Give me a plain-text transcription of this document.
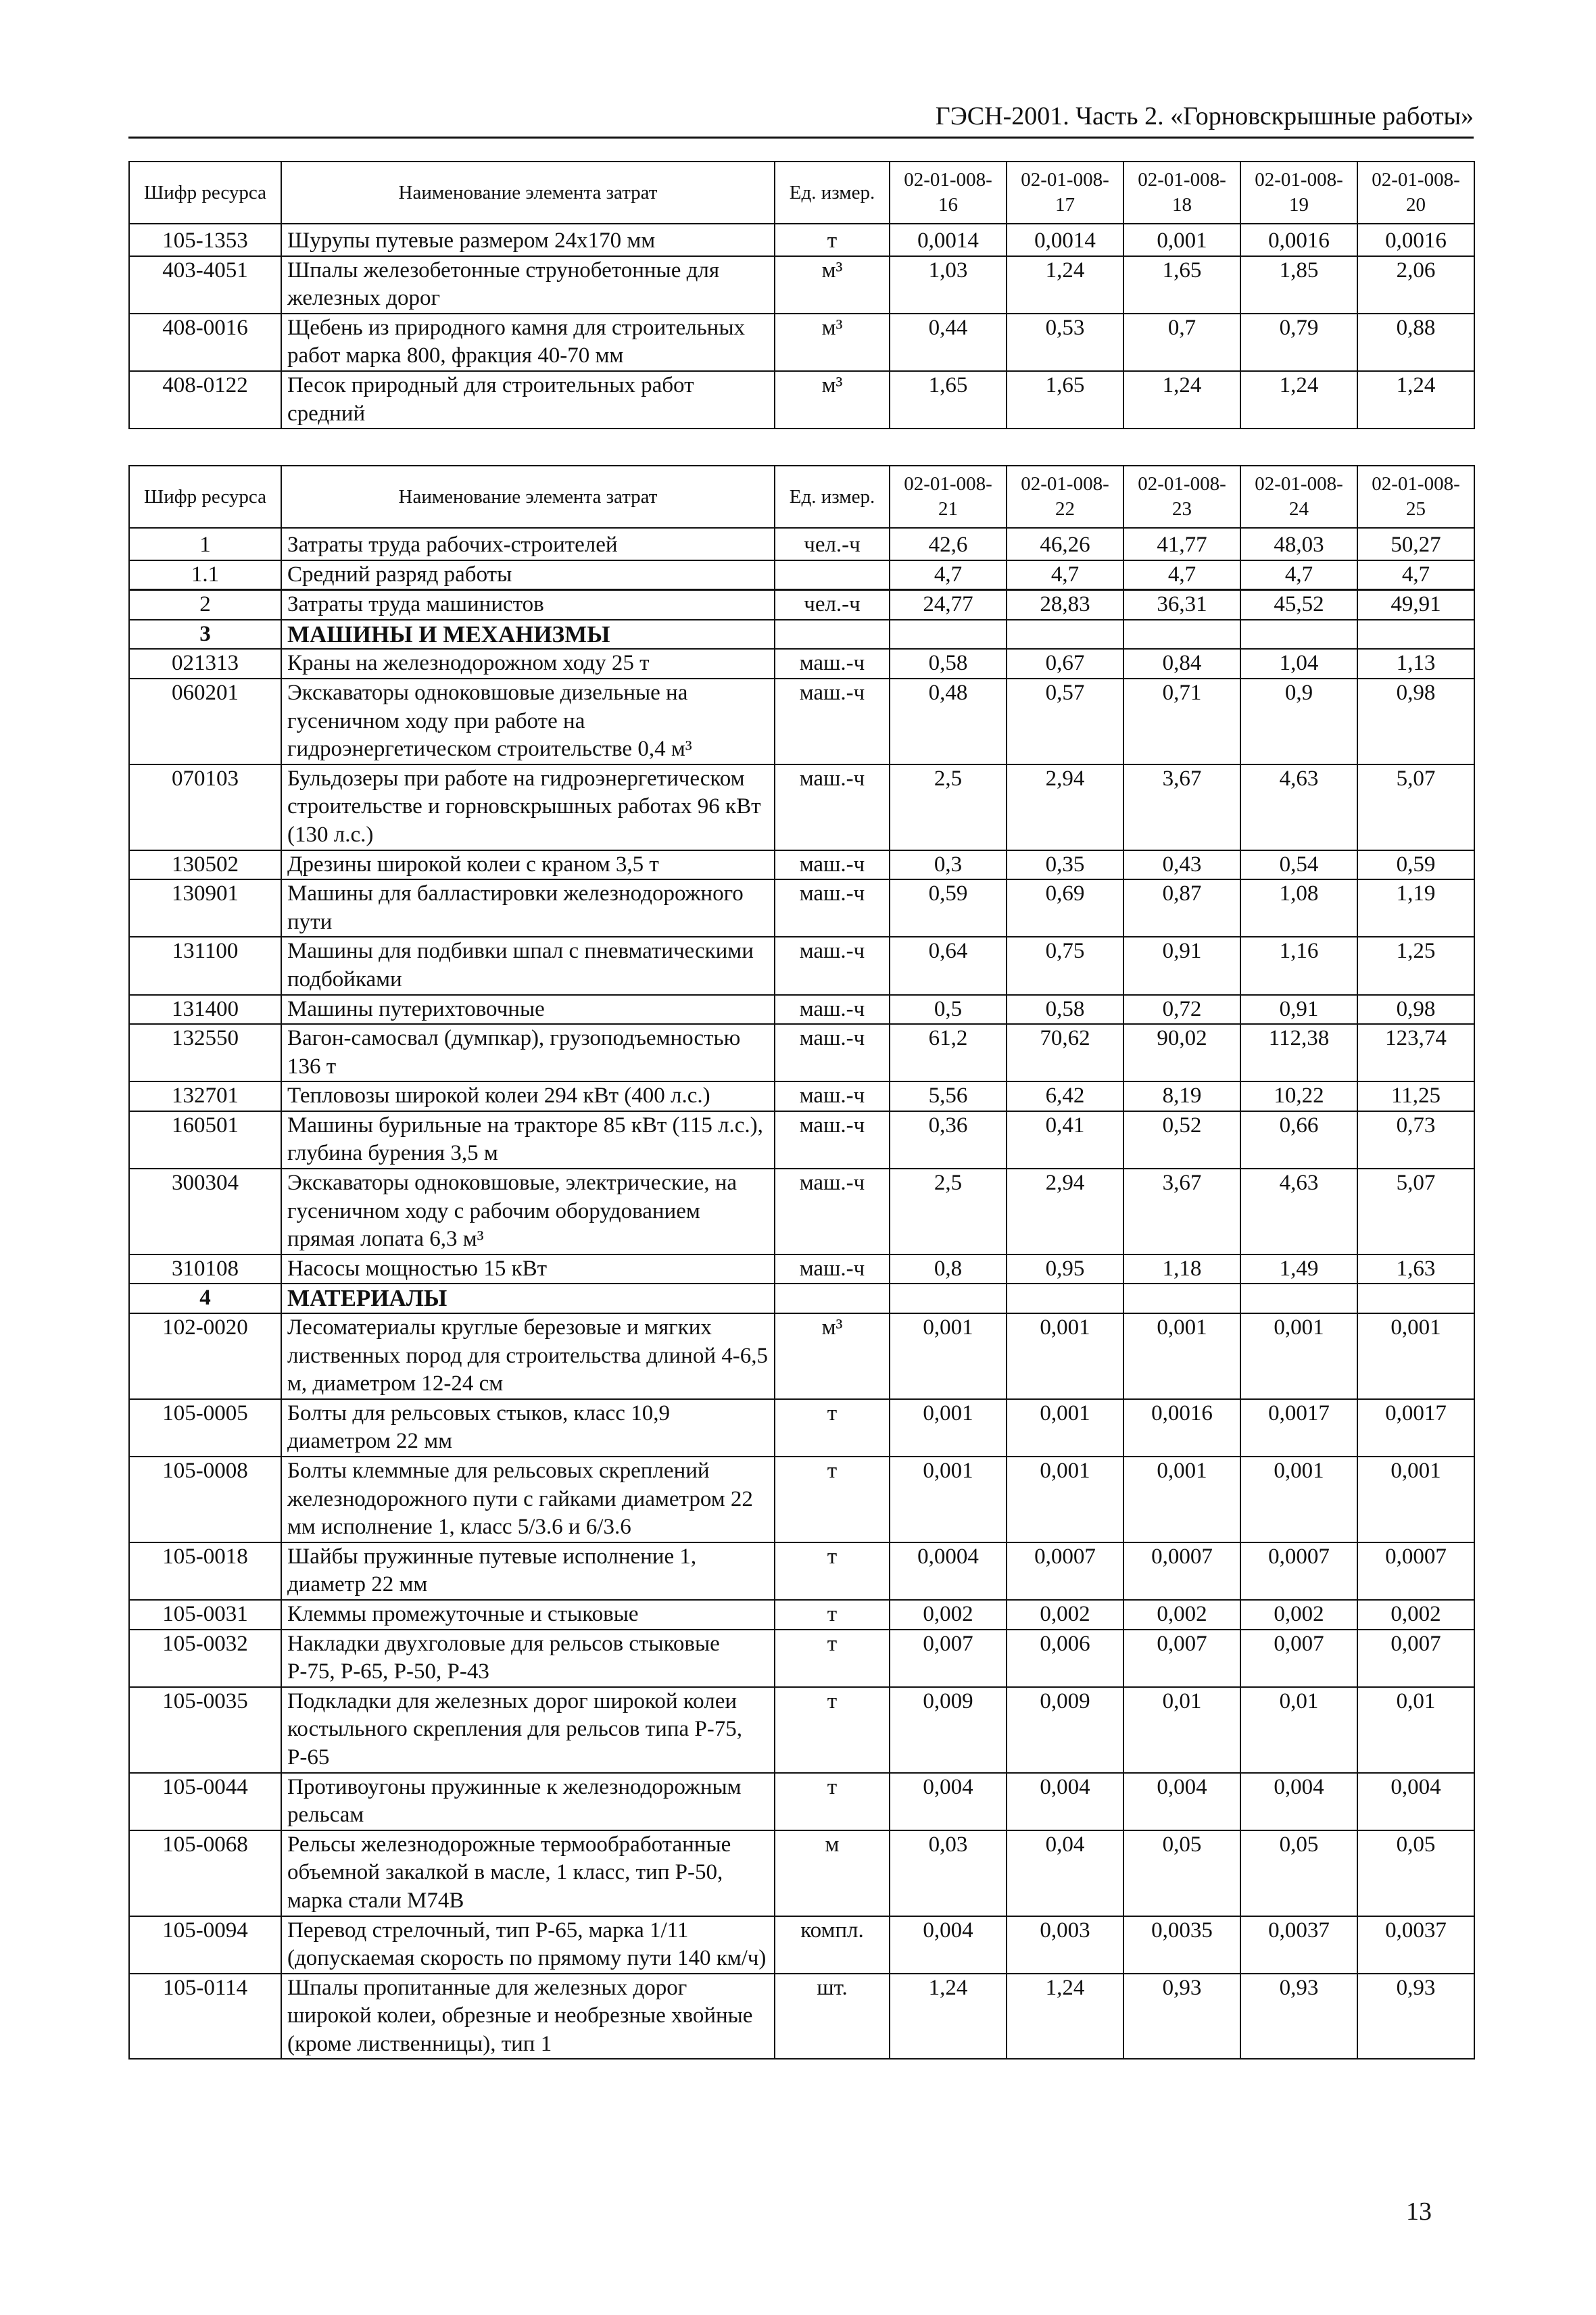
ГЭСН-2001. Часть 2. «Горновскрышные работы»
Шифр ресурса	Наименование элемента затрат	Ед. измер.	02-01-008-16	02-01-008-17	02-01-008-18	02-01-008-19	02-01-008-20
105-1353	Шурупы путевые размером 24х170 мм	т	0,0014	0,0014	0,001	0,0016	0,0016
403-4051	Шпалы железобетонные струнобетонные для железных дорог	м³	1,03	1,24	1,65	1,85	2,06
408-0016	Щебень из природного камня для строительных работ марка 800, фракция 40-70 мм	м³	0,44	0,53	0,7	0,79	0,88
408-0122	Песок природный для строительных работ средний	м³	1,65	1,65	1,24	1,24	1,24
Шифр ресурса	Наименование элемента затрат	Ед. измер.	02-01-008-21	02-01-008-22	02-01-008-23	02-01-008-24	02-01-008-25
1	Затраты труда рабочих-строителей	чел.-ч	42,6	46,26	41,77	48,03	50,27
1.1	Средний разряд работы		4,7	4,7	4,7	4,7	4,7
2	Затраты труда машинистов	чел.-ч	24,77	28,83	36,31	45,52	49,91
3	МАШИНЫ И МЕХАНИЗМЫ						
021313	Краны на железнодорожном ходу 25 т	маш.-ч	0,58	0,67	0,84	1,04	1,13
060201	Экскаваторы одноковшовые дизельные на гусеничном ходу при работе на гидроэнергетическом строительстве 0,4 м³	маш.-ч	0,48	0,57	0,71	0,9	0,98
070103	Бульдозеры при работе на гидроэнергетическом строительстве и горновскрышных работах 96 кВт (130 л.с.)	маш.-ч	2,5	2,94	3,67	4,63	5,07
130502	Дрезины широкой колеи с краном 3,5 т	маш.-ч	0,3	0,35	0,43	0,54	0,59
130901	Машины для балластировки железнодорожного пути	маш.-ч	0,59	0,69	0,87	1,08	1,19
131100	Машины для подбивки шпал с пневматическими подбойками	маш.-ч	0,64	0,75	0,91	1,16	1,25
131400	Машины путерихтовочные	маш.-ч	0,5	0,58	0,72	0,91	0,98
132550	Вагон-самосвал (думпкар), грузоподъемностью 136 т	маш.-ч	61,2	70,62	90,02	112,38	123,74
132701	Тепловозы широкой колеи 294 кВт (400 л.с.)	маш.-ч	5,56	6,42	8,19	10,22	11,25
160501	Машины бурильные на тракторе 85 кВт (115 л.с.), глубина бурения 3,5 м	маш.-ч	0,36	0,41	0,52	0,66	0,73
300304	Экскаваторы одноковшовые, электрические, на гусеничном ходу с рабочим оборудованием прямая лопата 6,3 м³	маш.-ч	2,5	2,94	3,67	4,63	5,07
310108	Насосы мощностью 15 кВт	маш.-ч	0,8	0,95	1,18	1,49	1,63
4	МАТЕРИАЛЫ						
102-0020	Лесоматериалы круглые березовые и мягких лиственных пород для строительства длиной 4-6,5 м, диаметром 12-24 см	м³	0,001	0,001	0,001	0,001	0,001
105-0005	Болты для рельсовых стыков, класс 10,9 диаметром 22 мм	т	0,001	0,001	0,0016	0,0017	0,0017
105-0008	Болты клеммные для рельсовых скреплений железнодорожного пути с гайками диаметром 22 мм исполнение 1, класс 5/3.6 и 6/3.6	т	0,001	0,001	0,001	0,001	0,001
105-0018	Шайбы пружинные путевые исполнение 1, диаметр 22 мм	т	0,0004	0,0007	0,0007	0,0007	0,0007
105-0031	Клеммы промежуточные и стыковые	т	0,002	0,002	0,002	0,002	0,002
105-0032	Накладки двухголовые для рельсов стыковые Р-75, Р-65, Р-50, Р-43	т	0,007	0,006	0,007	0,007	0,007
105-0035	Подкладки для железных дорог широкой колеи костыльного скрепления для рельсов типа Р-75, Р-65	т	0,009	0,009	0,01	0,01	0,01
105-0044	Противоугоны пружинные к железнодорожным рельсам	т	0,004	0,004	0,004	0,004	0,004
105-0068	Рельсы железнодорожные термообработанные объемной закалкой в масле, 1 класс, тип Р-50, марка стали М74В	м	0,03	0,04	0,05	0,05	0,05
105-0094	Перевод стрелочный, тип Р-65, марка 1/11 (допускаемая скорость по прямому пути 140 км/ч)	компл.	0,004	0,003	0,0035	0,0037	0,0037
105-0114	Шпалы пропитанные для железных дорог широкой колеи, обрезные и необрезные хвойные (кроме лиственницы), тип 1	шт.	1,24	1,24	0,93	0,93	0,93
13
